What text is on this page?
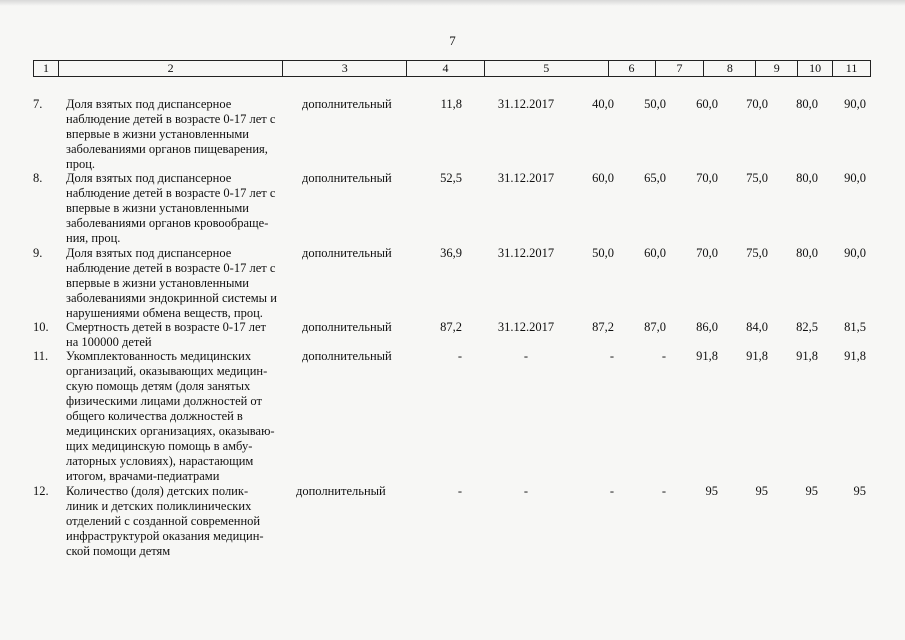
7
1	2	3	4	5	6	7	8	9	10	11
7.	Доля взятых под диспансерное
наблюдение детей в возрасте 0-17 лет с
впервые в жизни установленными
заболеваниями органов пищеварения,
проц.
дополнительный	11,8	31.12.2017	40,0	50,0	60,0	70,0	80,0	90,0
8.	Доля взятых под диспансерное
наблюдение детей в возрасте 0-17 лет с
впервые в жизни установленными
заболеваниями органов кровообраще-
ния, проц.
дополнительный	52,5	31.12.2017	60,0	65,0	70,0	75,0	80,0	90,0
9.	Доля взятых под диспансерное
наблюдение детей в возрасте 0-17 лет с
впервые в жизни установленными
заболеваниями эндокринной системы и
нарушениями обмена веществ, проц.
дополнительный	36,9	31.12.2017	50,0	60,0	70,0	75,0	80,0	90,0
10.	Смертность детей в возрасте 0-17 лет
на 100000 детей
дополнительный	87,2	31.12.2017	87,2	87,0	86,0	84,0	82,5	81,5
11.	Укомплектованность медицинских
организаций, оказывающих медицин-
скую помощь детям (доля занятых
физическими лицами должностей от
общего количества должностей в
медицинских организациях, оказываю-
щих медицинскую помощь в амбу-
латорных условиях), нарастающим
итогом, врачами-педиатрами
дополнительный	-	-	-	-	91,8	91,8	91,8	91,8
12.	Количество (доля) детских полик-
линик и детских поликлинических
отделений с созданной современной
инфраструктурой оказания медицин-
ской помощи детям
дополнительный	-	-	-	-	95	95	95	95
